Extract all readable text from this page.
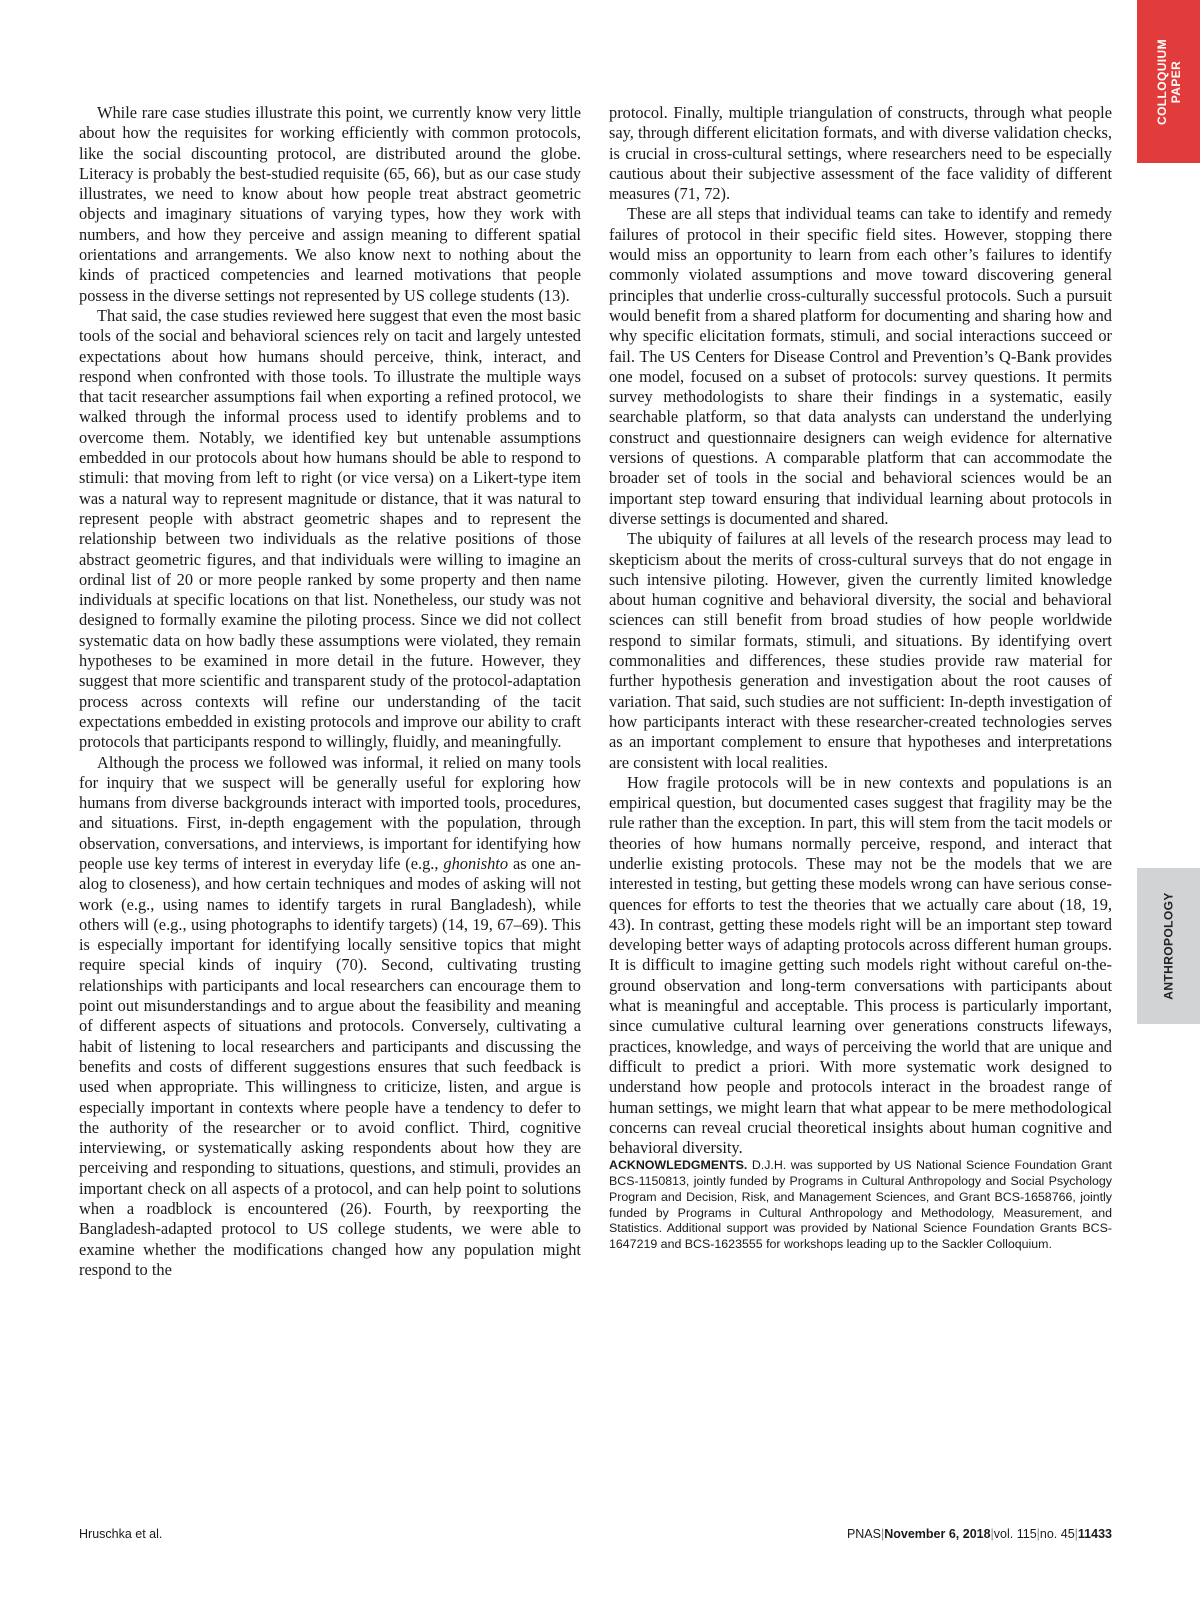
COLLOQUIUM PAPER
ANTHROPOLOGY

While rare case studies illustrate this point, we currently know very little about how the requisites for working efficiently with common protocols, like the social discounting protocol, are distributed around the globe. Literacy is probably the best-studied requisite (65, 66), but as our case study illustrates, we need to know about how people treat abstract geometric objects and imaginary situations of varying types, how they work with numbers, and how they perceive and assign meaning to different spatial orientations and arrangements. We also know next to nothing about the kinds of practiced competencies and learned motivations that people possess in the diverse settings not represented by US college students (13).

That said, the case studies reviewed here suggest that even the most basic tools of the social and behavioral sciences rely on tacit and largely untested expectations about how humans should perceive, think, interact, and respond when confronted with those tools. To illustrate the multiple ways that tacit researcher assumptions fail when exporting a refined protocol, we walked through the informal process used to identify problems and to overcome them. Notably, we identified key but untenable assumptions embedded in our protocols about how humans should be able to respond to stimuli: that moving from left to right (or vice versa) on a Likert-type item was a natural way to represent magnitude or distance, that it was natural to represent people with abstract geometric shapes and to represent the relationship between two individuals as the relative positions of those abstract geometric figures, and that individuals were willing to imagine an ordinal list of 20 or more people ranked by some property and then name individuals at specific locations on that list. Nonetheless, our study was not designed to formally examine the piloting process. Since we did not collect systematic data on how badly these assumptions were violated, they remain hypotheses to be examined in more detail in the future. However, they suggest that more scientific and transparent study of the protocol-adaptation process across contexts will refine our understanding of the tacit expectations embedded in existing protocols and improve our ability to craft protocols that participants respond to willingly, fluidly, and meaningfully.

Although the process we followed was informal, it relied on many tools for inquiry that we suspect will be generally useful for exploring how humans from diverse backgrounds interact with imported tools, procedures, and situations. First, in-depth engagement with the population, through observation, conversations, and interviews, is important for identifying how people use key terms of interest in everyday life (e.g., ghonishto as one analog to closeness), and how certain techniques and modes of asking will not work (e.g., using names to identify targets in rural Bangladesh), while others will (e.g., using photographs to identify targets) (14, 19, 67–69). This is especially important for identifying locally sensitive topics that might require special kinds of inquiry (70). Second, cultivating trusting relationships with participants and local researchers can encourage them to point out misunderstandings and to argue about the feasibility and meaning of different aspects of situations and protocols. Conversely, cultivating a habit of listening to local researchers and participants and discussing the benefits and costs of different suggestions ensures that such feedback is used when appropriate. This willingness to criticize, listen, and argue is especially important in contexts where people have a tendency to defer to the authority of the researcher or to avoid conflict. Third, cognitive interviewing, or systematically asking respondents about how they are perceiving and responding to situations, questions, and stimuli, provides an important check on all aspects of a protocol, and can help point to solutions when a roadblock is encountered (26). Fourth, by reexporting the Bangladesh-adapted protocol to US college students, we were able to examine whether the modifications changed how any population might respond to the

protocol. Finally, multiple triangulation of constructs, through what people say, through different elicitation formats, and with diverse validation checks, is crucial in cross-cultural settings, where researchers need to be especially cautious about their subjective assessment of the face validity of different measures (71, 72).

These are all steps that individual teams can take to identify and remedy failures of protocol in their specific field sites. However, stopping there would miss an opportunity to learn from each other’s failures to identify commonly violated assumptions and move toward discovering general principles that underlie cross-culturally successful protocols. Such a pursuit would benefit from a shared platform for documenting and sharing how and why specific elicitation formats, stimuli, and social interactions succeed or fail. The US Centers for Disease Control and Prevention’s Q-Bank provides one model, focused on a subset of protocols: survey questions. It permits survey methodologists to share their findings in a systematic, easily searchable platform, so that data analysts can understand the underlying construct and questionnaire designers can weigh evidence for alternative versions of questions. A comparable platform that can accommodate the broader set of tools in the social and behavioral sciences would be an important step toward ensuring that individual learning about protocols in diverse settings is documented and shared.

The ubiquity of failures at all levels of the research process may lead to skepticism about the merits of cross-cultural surveys that do not engage in such intensive piloting. However, given the currently limited knowledge about human cognitive and behavioral diversity, the social and behavioral sciences can still benefit from broad studies of how people worldwide respond to similar formats, stimuli, and situations. By identifying overt commonalities and differences, these studies provide raw material for further hypothesis generation and investigation about the root causes of variation. That said, such studies are not sufficient: In-depth investigation of how participants interact with these researcher-created technologies serves as an important complement to ensure that hypotheses and interpretations are consistent with local realities.

How fragile protocols will be in new contexts and populations is an empirical question, but documented cases suggest that fragility may be the rule rather than the exception. In part, this will stem from the tacit models or theories of how humans normally perceive, respond, and interact that underlie existing protocols. These may not be the models that we are interested in testing, but getting these models wrong can have serious consequences for efforts to test the theories that we actually care about (18, 19, 43). In contrast, getting these models right will be an important step toward developing better ways of adapting protocols across different human groups. It is difficult to imagine getting such models right without careful on-the-ground observation and long-term conversations with participants about what is meaningful and acceptable. This process is particularly important, since cumulative cultural learning over generations constructs lifeways, practices, knowledge, and ways of perceiving the world that are unique and difficult to predict a priori. With more systematic work designed to understand how people and protocols interact in the broadest range of human settings, we might learn that what appear to be mere methodological concerns can reveal crucial theoretical insights about human cognitive and behavioral diversity.

ACKNOWLEDGMENTS. D.J.H. was supported by US National Science Foundation Grant BCS-1150813, jointly funded by Programs in Cultural Anthropology and Social Psychology Program and Decision, Risk, and Management Sciences, and Grant BCS-1658766, jointly funded by Programs in Cultural Anthropology and Methodology, Measurement, and Statistics. Additional support was provided by National Science Foundation Grants BCS-1647219 and BCS-1623555 for workshops leading up to the Sackler Colloquium.

Hruschka et al.	PNAS|November 6, 2018|vol. 115|no. 45|11433
